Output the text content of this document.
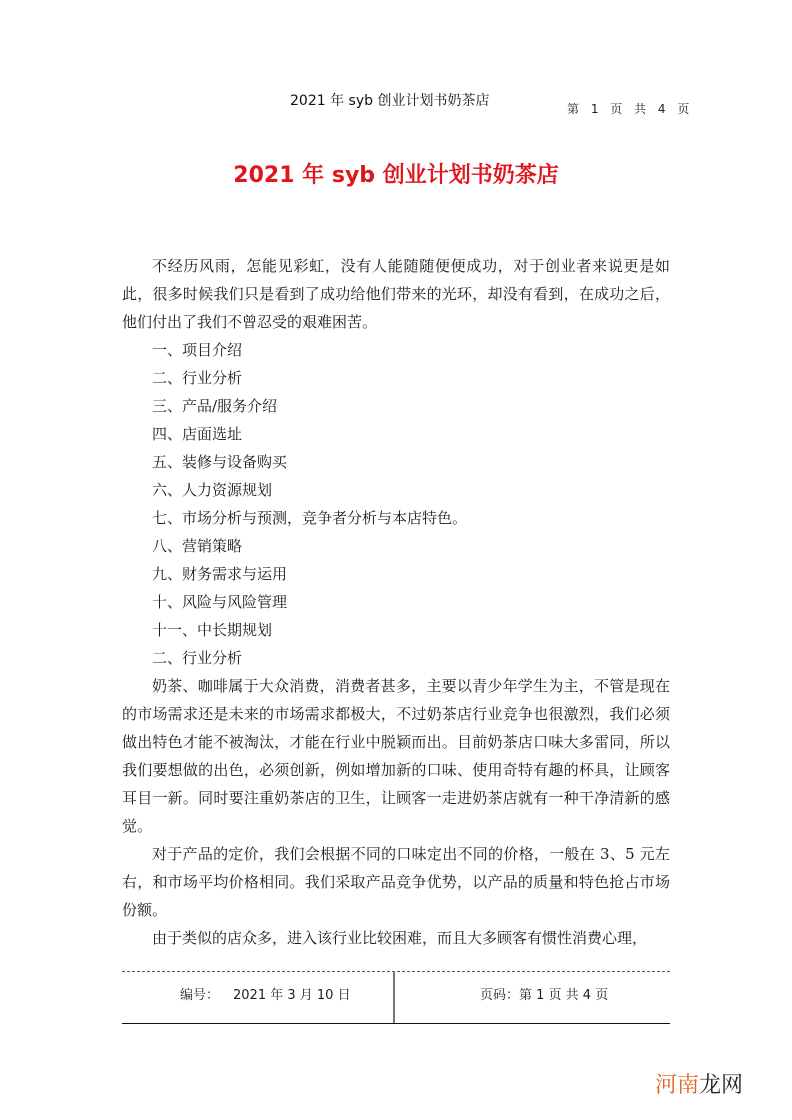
2021 年 syb 创业计划书奶茶店	第 1 页 共 4 页
2021 年 syb 创业计划书奶茶店

不经历风雨，怎能见彩虹，没有人能随随便便成功，对于创业者来说更是如此，很多时候我们只是看到了成功给他们带来的光环，却没有看到，在成功之后，他们付出了我们不曾忍受的艰难困苦。

一、项目介绍

二、行业分析

三、产品/服务介绍

四、店面选址

五、装修与设备购买

六、人力资源规划

七、市场分析与预测，竞争者分析与本店特色。

八、营销策略

九、财务需求与运用

十、风险与风险管理

十一、中长期规划

二、行业分析

奶茶、咖啡属于大众消费，消费者甚多，主要以青少年学生为主，不管是现在的市场需求还是未来的市场需求都极大，不过奶茶店行业竞争也很激烈，我们必须做出特色才能不被淘汰，才能在行业中脱颖而出。目前奶茶店口味大多雷同，所以我们要想做的出色，必须创新，例如增加新的口味、使用奇特有趣的杯具，让顾客耳目一新。同时要注重奶茶店的卫生，让顾客一走进奶茶店就有一种干净清新的感觉。

对于产品的定价，我们会根据不同的口味定出不同的价格，一般在 3、5 元左右，和市场平均价格相同。我们采取产品竞争优势，以产品的质量和特色抢占市场份额。

由于类似的店众多，进入该行业比较困难，而且大多顾客有惯性消费心理，

编号： 2021 年 3 月 10 日	页码：第 1 页 共 4 页
河南龙网
